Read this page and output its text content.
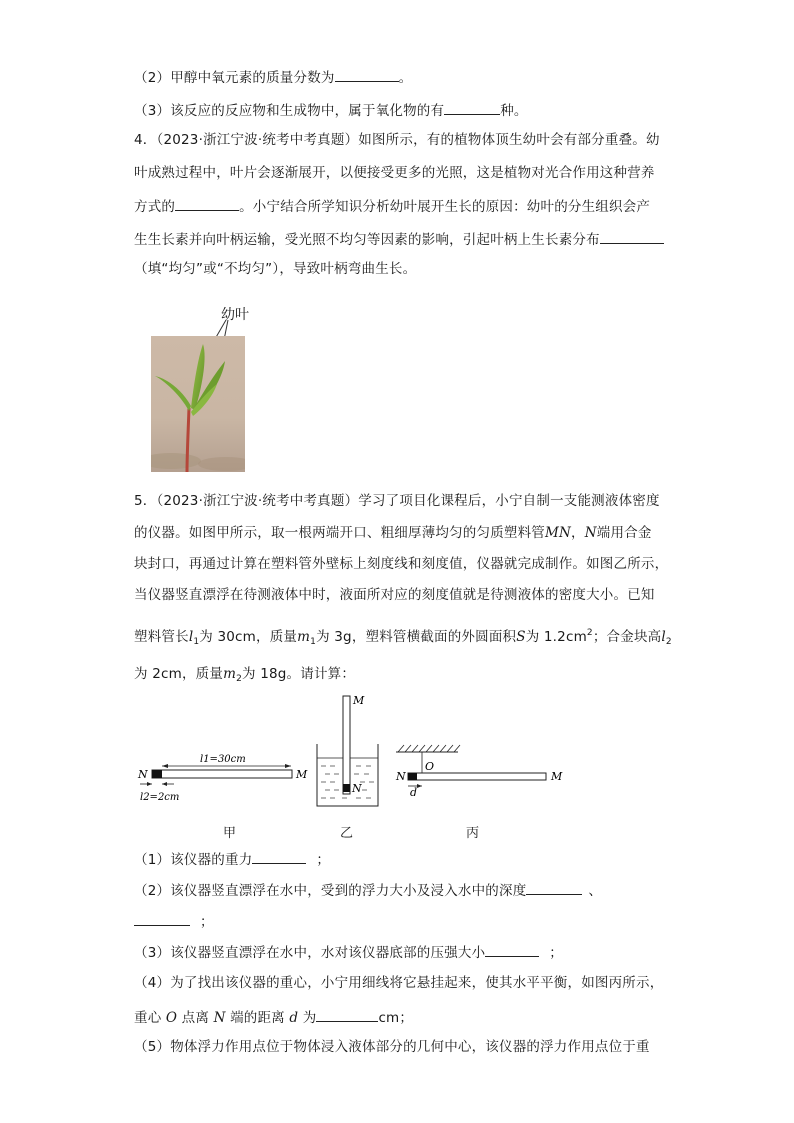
（2）甲醇中氧元素的质量分数为	。
（3）该反应的反应物和生成物中，属于氧化物的有	种。
4．（2023·浙江宁波·统考中考真题）如图所示，有的植物体顶生幼叶会有部分重叠。幼
叶成熟过程中，叶片会逐渐展开，以便接受更多的光照，这是植物对光合作用这种营养
方式的	。小宁结合所学知识分析幼叶展开生长的原因：幼叶的分生组织会产
生生长素并向叶柄运输，受光照不均匀等因素的影响，引起叶柄上生长素分布
（填“均匀”或“不均匀”），导致叶柄弯曲生长。
幼叶
5．（2023·浙江宁波·统考中考真题）学习了项目化课程后，小宁自制一支能测液体密度
的仪器。如图甲所示，取一根两端开口、粗细厚薄均匀的匀质塑料管MN，N端用合金
块封口，再通过计算在塑料管外壁标上刻度线和刻度值，仪器就完成制作。如图乙所示，
当仪器竖直漂浮在待测液体中时，液面所对应的刻度值就是待测液体的密度大小。已知
塑料管长$l_1$为 30cm，质量$m_1$为 3g，塑料管横截面的外圆面积S为 $1.2cm^2$；合金块高$l_2$
为 2cm，质量$m_2$为 18g。请计算：
N	M
l1=30cm
l2=2cm
M
N
O
N	M
d
甲	乙	丙
（1）该仪器的重力	；
（2）该仪器竖直漂浮在水中，受到的浮力大小及浸入水中的深度	、
；
（3）该仪器竖直漂浮在水中，水对该仪器底部的压强大小	；
（4）为了找出该仪器的重心，小宁用细线将它悬挂起来，使其水平平衡，如图丙所示，
重心 O 点离 N 端的距离 d 为	cm；
（5）物体浮力作用点位于物体浸入液体部分的几何中心，该仪器的浮力作用点位于重
